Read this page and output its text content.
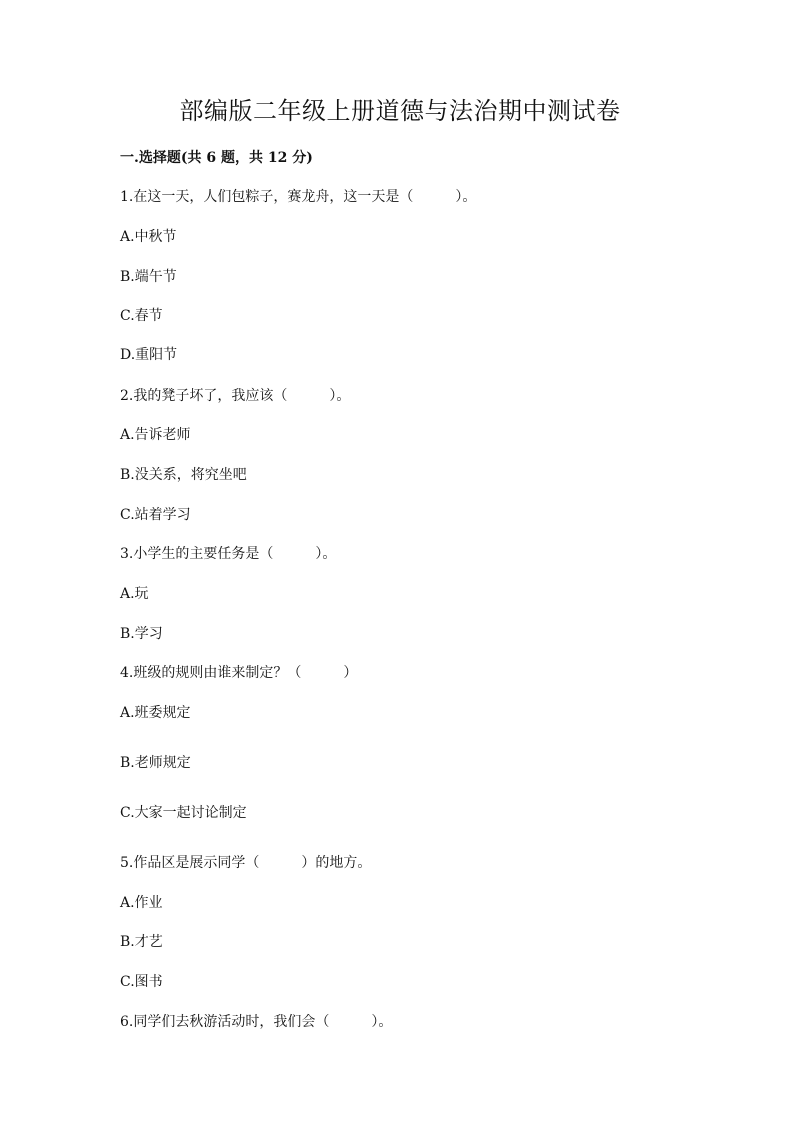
部编版二年级上册道德与法治期中测试卷
一.选择题(共 6 题，共 12 分)
1.在这一天，人们包粽子，赛龙舟，这一天是（　　　）。
A.中秋节
B.端午节
C.春节
D.重阳节
2.我的凳子坏了，我应该（　　　）。
A.告诉老师
B.没关系，将究坐吧
C.站着学习
3.小学生的主要任务是（　　　）。
A.玩
B.学习
4.班级的规则由谁来制定？（　　　）
A.班委规定
B.老师规定
C.大家一起讨论制定
5.作品区是展示同学（　　　）的地方。
A.作业
B.才艺
C.图书
6.同学们去秋游活动时，我们会（　　　）。
